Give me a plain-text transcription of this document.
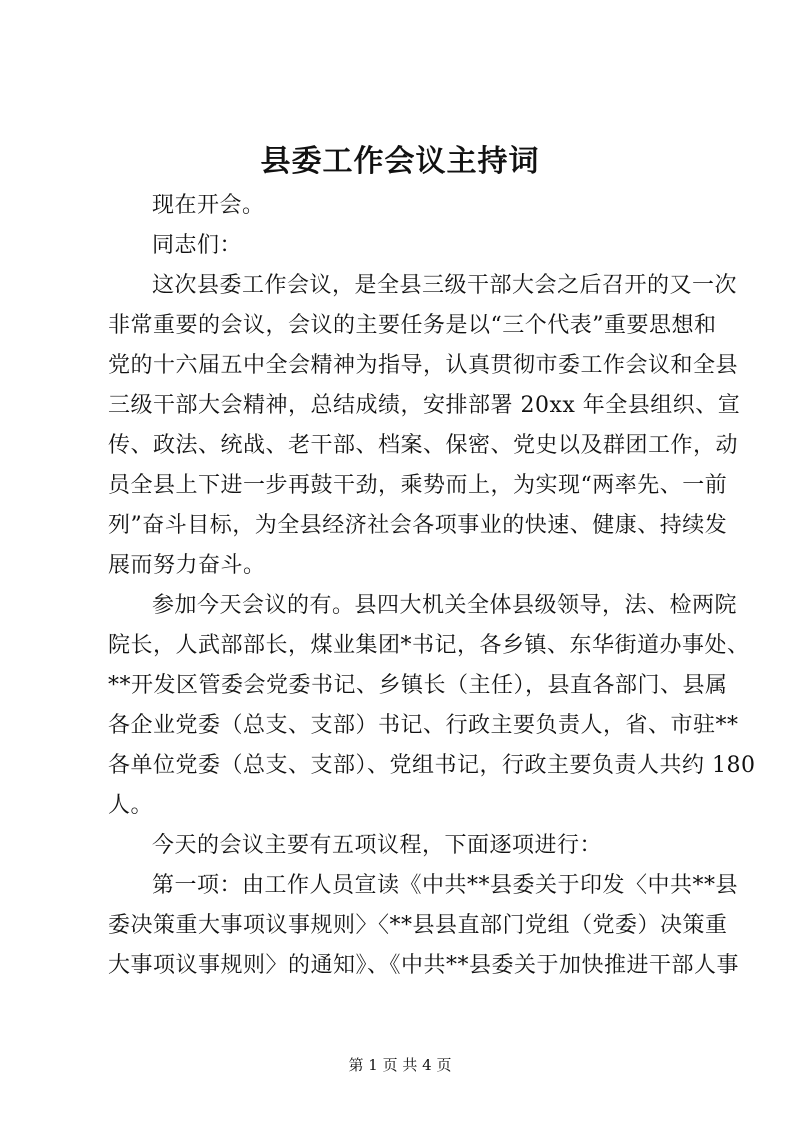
县委工作会议主持词
现在开会。
同志们：
这次县委工作会议，是全县三级干部大会之后召开的又一次
非常重要的会议，会议的主要任务是以“三个代表”重要思想和
党的十六届五中全会精神为指导，认真贯彻市委工作会议和全县
三级干部大会精神，总结成绩，安排部署 20xx 年全县组织、宣
传、政法、统战、老干部、档案、保密、党史以及群团工作，动
员全县上下进一步再鼓干劲，乘势而上，为实现“两率先、一前
列”奋斗目标，为全县经济社会各项事业的快速、健康、持续发
展而努力奋斗。
参加今天会议的有。县四大机关全体县级领导，法、检两院
院长，人武部部长，煤业集团*书记，各乡镇、东华街道办事处、
**开发区管委会党委书记、乡镇长（主任），县直各部门、县属
各企业党委（总支、支部）书记、行政主要负责人，省、市驻**
各单位党委（总支、支部）、党组书记，行政主要负责人共约 180
人。
今天的会议主要有五项议程，下面逐项进行：
第一项：由工作人员宣读《中共**县委关于印发〈中共**县
委决策重大事项议事规则〉〈**县县直部门党组（党委）决策重
大事项议事规则〉的通知》、《中共**县委关于加快推进干部人事
第 1 页 共 4 页
